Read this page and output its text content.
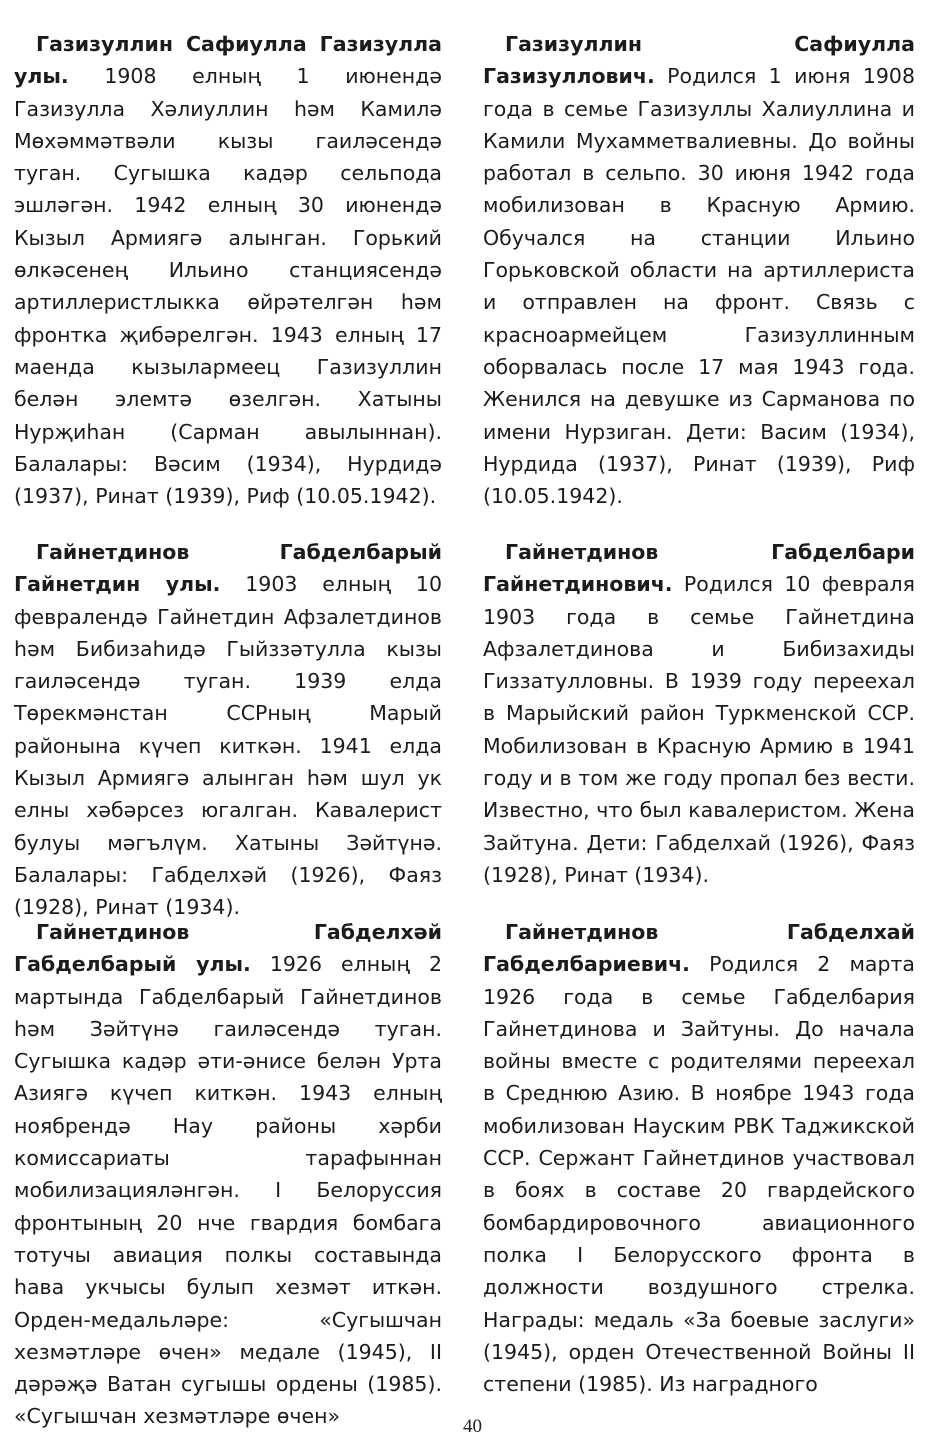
Газизуллин Сафиулла Газизулла улы. 1908 елның 1 июнендә Газизулла Хәлиуллин һәм Камилә Мөхәммәтвәли кызы гаиләсендә туган. Сугышка кадәр сельпода эшләгән. 1942 елның 30 июнендә Кызыл Армиягә алынган. Горький өлкәсенең Ильино станциясендә артиллеристлыкка өйрәтелгән һәм фронтка җибәрелгән. 1943 елның 17 маенда кызылармеец Газизуллин белән элемтә өзелгән. Хатыны Нурҗиһан (Сарман авылыннан). Балалары: Вәсим (1934), Нурдидә (1937), Ринат (1939), Риф (10.05.1942).

Гайнетдинов Габделбарый Гайнетдин улы. 1903 елның 10 февралендә Гайнетдин Афзалетдинов һәм Бибизаһидә Гыйззәтулла кызы гаиләсендә туган. 1939 елда Төрекмәнстан ССРның Марый районына күчеп киткән. 1941 елда Кызыл Армиягә алынган һәм шул ук елны хәбәрсез югалган. Кавалерист булуы мәгълүм. Хатыны Зәйтүнә. Балалары: Габделхәй (1926), Фаяз (1928), Ринат (1934).

Гайнетдинов Габделхәй Габделбарый улы. 1926 елның 2 мартында Габделбарый Гайнетдинов һәм Зәйтүнә гаиләсендә туган. Сугышка кадәр әти-әнисе белән Урта Азиягә күчеп киткән. 1943 елның ноябрендә Нау районы хәрби комиссариаты тарафыннан мобилизацияләнгән. I Белоруссия фронтының 20 нче гвардия бомбага тотучы авиация полкы составында һава укчысы булып хезмәт иткән. Орден-медальләре: «Сугышчан хезмәтләре өчен» медале (1945), II дәрәҗә Ватан сугышы ордены (1985). «Сугышчан хезмәтләре өчен»

Газизуллин Сафиулла Газизуллович. Родился 1 июня 1908 года в семье Газизуллы Халиуллина и Камили Мухамметвалиевны. До войны работал в сельпо. 30 июня 1942 года мобилизован в Красную Армию. Обучался на станции Ильино Горьковской области на артиллериста и отправлен на фронт. Связь с красноармейцем Газизуллинным оборвалась после 17 мая 1943 года. Женился на девушке из Сарманова по имени Нурзиган. Дети: Васим (1934), Нурдида (1937), Ринат (1939), Риф (10.05.1942).

Гайнетдинов Габделбари Гайнетдинович. Родился 10 февраля 1903 года в семье Гайнетдина Афзалетдинова и Бибизахиды Гиззатулловны. В 1939 году переехал в Марыйский район Туркменской ССР. Мобилизован в Красную Армию в 1941 году и в том же году пропал без вести. Известно, что был кавалеристом. Жена Зайтуна. Дети: Габделхай (1926), Фаяз (1928), Ринат (1934).

Гайнетдинов Габделхай Габделбариевич. Родился 2 марта 1926 года в семье Габделбария Гайнетдинова и Зайтуны. До начала войны вместе с родителями переехал в Среднюю Азию. В ноябре 1943 года мобилизован Науским РВК Таджикской ССР. Сержант Гайнетдинов участвовал в боях в составе 20 гвардейского бомбардировочного авиационного полка I Белорусского фронта в должности воздушного стрелка. Награды: медаль «За боевые заслуги» (1945), орден Отечественной Войны II степени (1985). Из наградного

40
